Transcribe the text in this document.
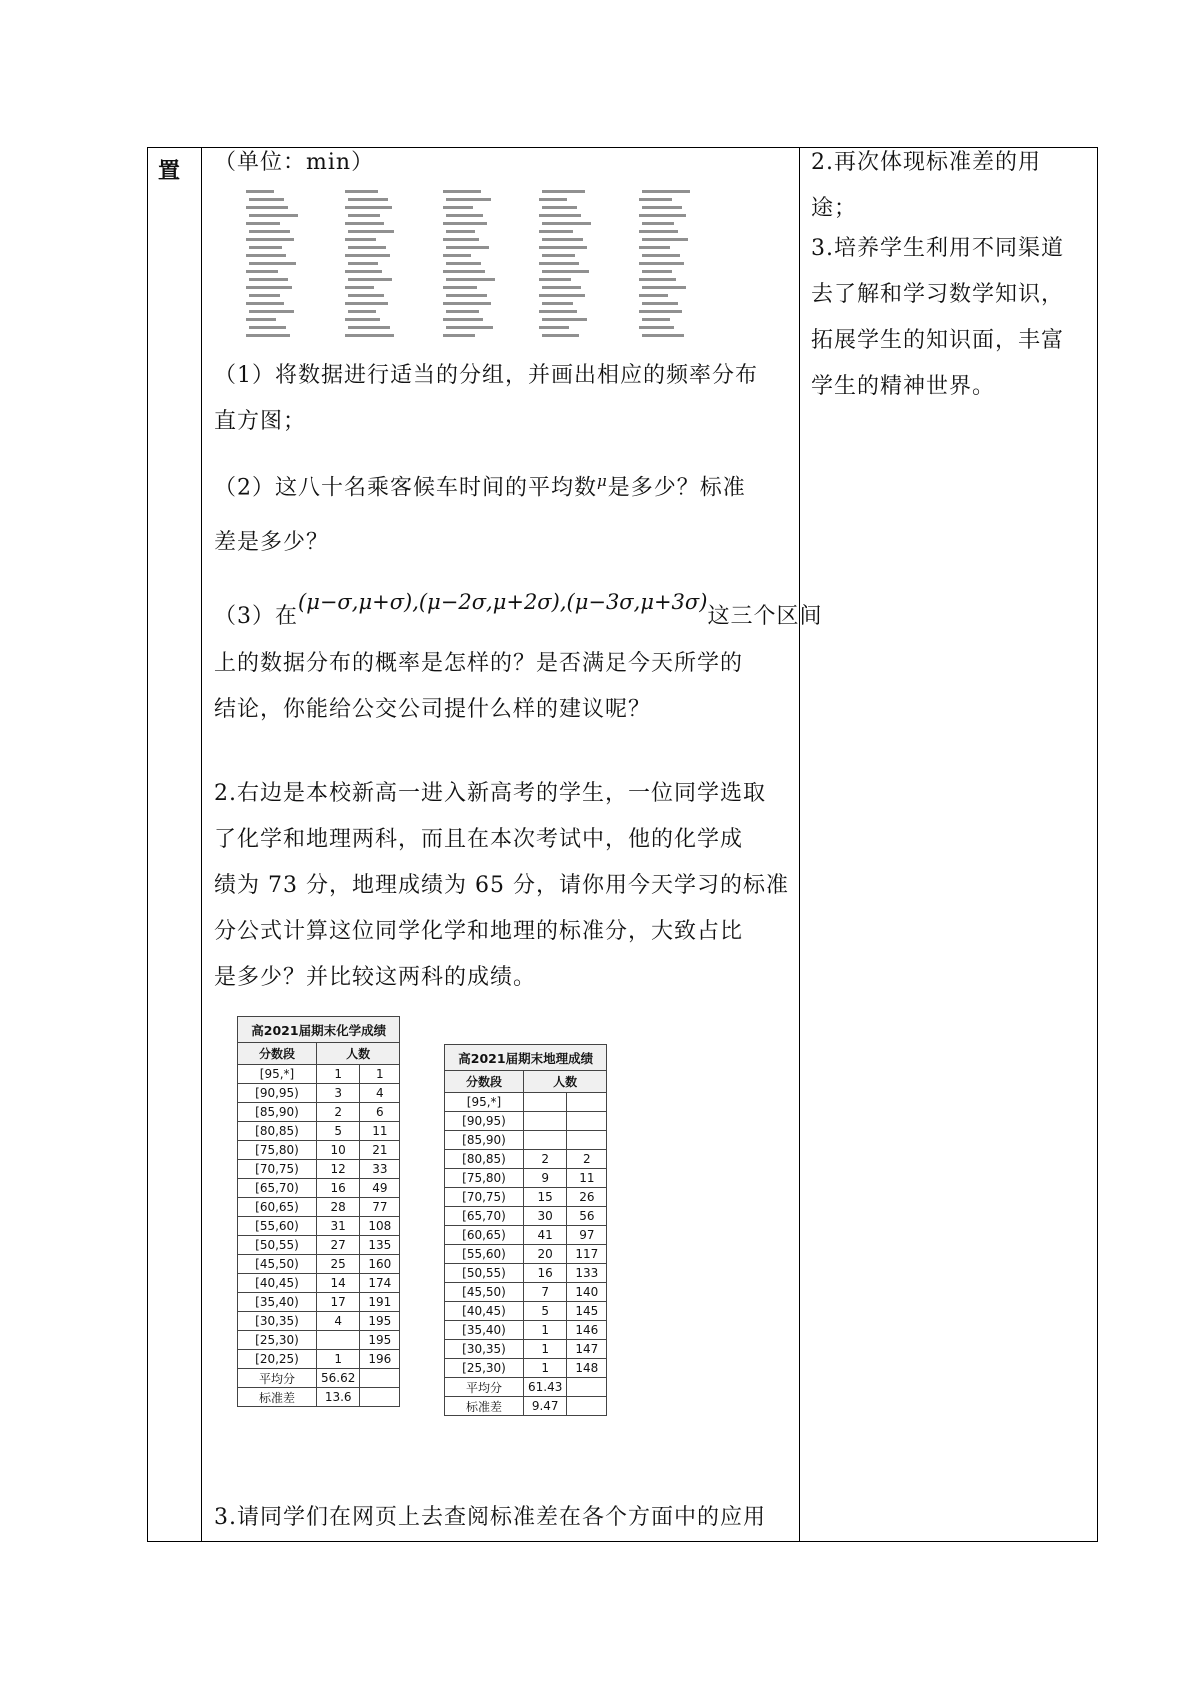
置 （单位：min）
（1）将数据进行适当的分组，并画出相应的频率分布
直方图；
（2）这八十名乘客候车时间的平均数$^\mu$是多少？标准
差是多少？
（3）在(μ−σ,μ+σ),(μ−2σ,μ+2σ),(μ−3σ,μ+3σ)这三个区间
上的数据分布的概率是怎样的？是否满足今天所学的
结论，你能给公交公司提什么样的建议呢？
2.右边是本校新高一进入新高考的学生，一位同学选取
了化学和地理两科，而且在本次考试中，他的化学成
绩为 73 分，地理成绩为 65 分，请你用今天学习的标准
分公式计算这位同学化学和地理的标准分，大致占比
是多少？并比较这两科的成绩。
高2021届期末化学成绩		
分数段	人数	
[95,*]	1	1
[90,95)	3	4
[85,90)	2	6
[80,85)	5	11
[75,80)	10	21
[70,75)	12	33
[65,70)	16	49
[60,65)	28	77
[55,60)	31	108
[50,55)	27	135
[45,50)	25	160
[40,45)	14	174
[35,40)	17	191
[30,35)	4	195
[25,30)		195
[20,25)	1	196
平均分	56.62	
标准差	13.6	
高2021届期末地理成绩		
分数段	人数	
[95,*]		
[90,95)		
[85,90)		
[80,85)	2	2
[75,80)	9	11
[70,75)	15	26
[65,70)	30	56
[60,65)	41	97
[55,60)	20	117
[50,55)	16	133
[45,50)	7	140
[40,45)	5	145
[35,40)	1	146
[30,35)	1	147
[25,30)	1	148
平均分	61.43	
标准差	9.47	
3.请同学们在网页上去查阅标准差在各个方面中的应用
2.再次体现标准差的用
途；
3.培养学生利用不同渠道
去了解和学习数学知识，
拓展学生的知识面，丰富
学生的精神世界。
